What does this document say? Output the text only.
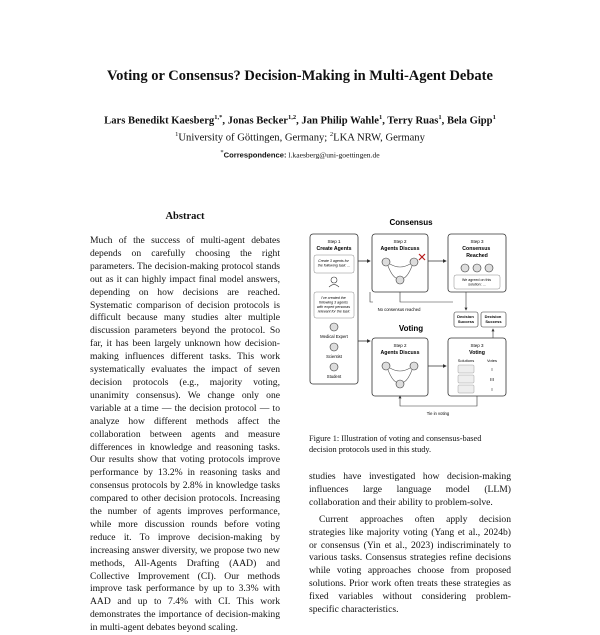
Voting or Consensus? Decision-Making in Multi-Agent Debate
Lars Benedikt Kaesberg$^{1,*}$, Jonas Becker$^{1,2}$, Jan Philip Wahle$^1$, Terry Ruas$^1$, Bela Gipp$^1$
$^1$University of Göttingen, Germany; $^2$LKA NRW, Germany
*Correspondence: l.kaesberg@uni-goettingen.de
Abstract
Much of the success of multi-agent debates depends on carefully choosing the right parameters. The decision-making protocol stands out as it can highly impact final model answers, depending on how decisions are reached. Systematic comparison of decision protocols is difficult because many studies alter multiple discussion parameters beyond the protocol. So far, it has been largely unknown how decision-making influences different tasks. This work systematically evaluates the impact of seven decision protocols (e.g., majority voting, unanimity consensus). We change only one variable at a time — the decision protocol — to analyze how different methods affect the collaboration between agents and measure differences in knowledge and reasoning tasks. Our results show that voting protocols improve performance by 13.2% in reasoning tasks and consensus protocols by 2.8% in knowledge tasks compared to other decision protocols. Increasing the number of agents improves performance, while more discussion rounds before voting reduce it. To improve decision-making by increasing answer diversity, we propose two new methods, All-Agents Drafting (AAD) and Collective Improvement (CI). Our methods improve task performance by up to 3.3% with AAD and up to 7.4% with CI. This work demonstrates the importance of decision-making in multi-agent debates beyond scaling.
Consensus
Step 1
Create Agents
Create 3 agents for the following task: ...
I've created the following 3 agents with expert personas relevant for the task:
Medical Expert
Scientist
Student
Step 2
Agents Discuss
No consensus reached
Step 3
Consensus Reached
We agreed on this solution: ...
Decision Success
Decision Success
Voting
Step 2
Agents Discuss
Step 3
Voting
Solutions	Votes
I
III
I
Tie in voting
Figure 1: Illustration of voting and consensus-based decision protocols used in this study.

studies have investigated how decision-making influences large language model (LLM) collaboration and their ability to problem-solve.

Current approaches often apply decision strategies like majority voting (Yang et al., 2024b) or consensus (Yin et al., 2023) indiscriminately to various tasks. Consensus strategies refine decisions while voting approaches choose from proposed solutions. Prior work often treats these strategies as fixed variables without considering problem-specific characteristics.
